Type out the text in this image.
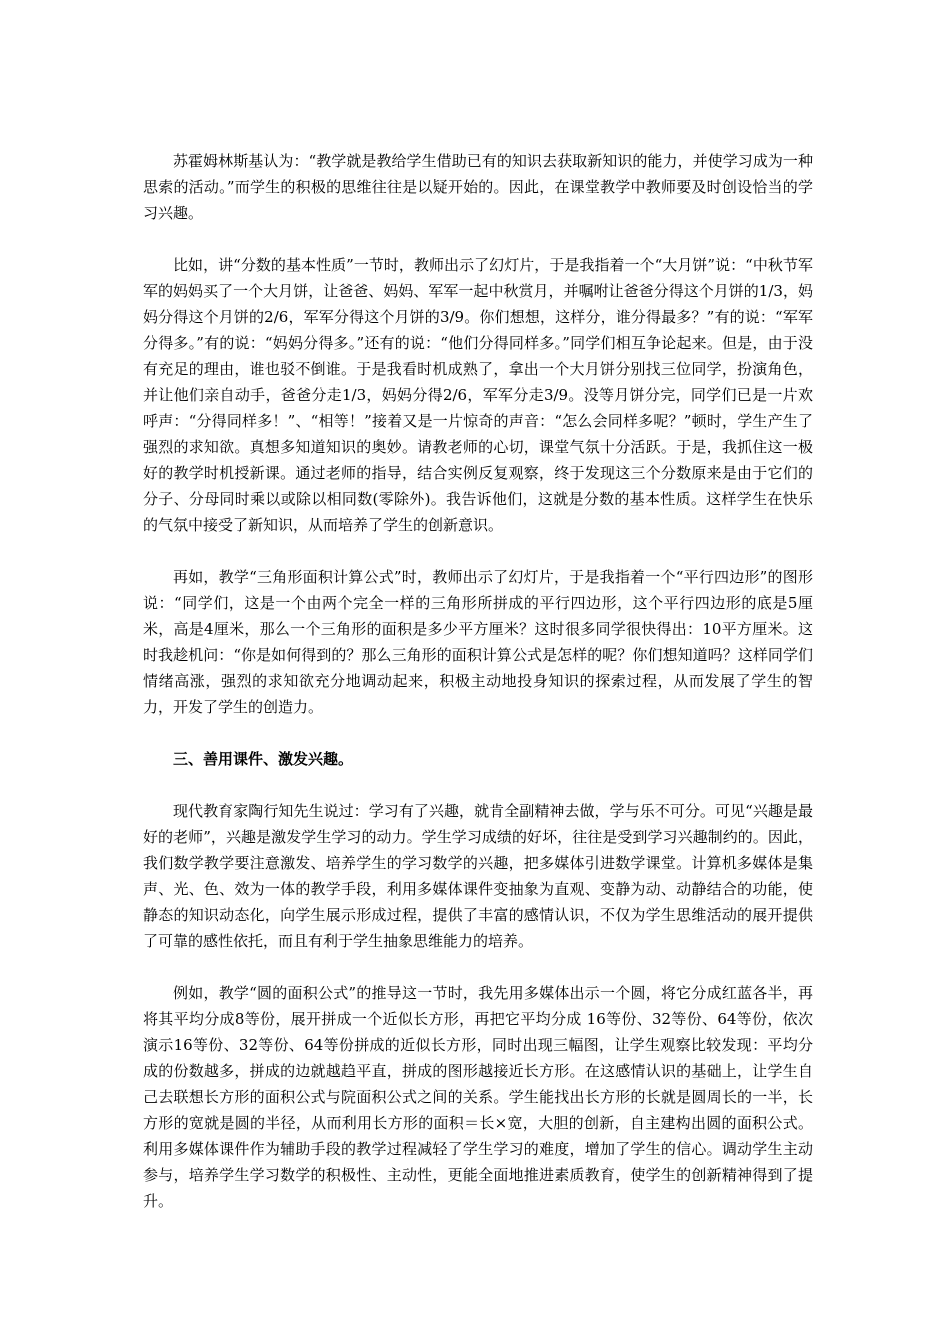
苏霍姆林斯基认为：“教学就是教给学生借助已有的知识去获取新知识的能力，并使学习成为一种思索的活动。”而学生的积极的思维往往是以疑开始的。因此，在课堂教学中教师要及时创设恰当的学习兴趣。

比如，讲“分数的基本性质”一节时，教师出示了幻灯片，于是我指着一个“大月饼”说：“中秋节军军的妈妈买了一个大月饼，让爸爸、妈妈、军军一起中秋赏月，并嘱咐让爸爸分得这个月饼的1/3，妈妈分得这个月饼的2/6，军军分得这个月饼的3/9。你们想想，这样分，谁分得最多？”有的说：“军军分得多。”有的说：“妈妈分得多。”还有的说：“他们分得同样多。”同学们相互争论起来。但是，由于没有充足的理由，谁也驳不倒谁。于是我看时机成熟了，拿出一个大月饼分别找三位同学，扮演角色，并让他们亲自动手，爸爸分走1/3，妈妈分得2/6，军军分走3/9。没等月饼分完，同学们已是一片欢呼声：“分得同样多！”、“相等！”接着又是一片惊奇的声音：“怎么会同样多呢？”顿时，学生产生了强烈的求知欲。真想多知道知识的奥妙。请教老师的心切，课堂气氛十分活跃。于是，我抓住这一极好的教学时机授新课。通过老师的指导，结合实例反复观察，终于发现这三个分数原来是由于它们的分子、分母同时乘以或除以相同数(零除外)。我告诉他们，这就是分数的基本性质。这样学生在快乐的气氛中接受了新知识，从而培养了学生的创新意识。

再如，教学“三角形面积计算公式”时，教师出示了幻灯片，于是我指着一个“平行四边形”的图形说：“同学们，这是一个由两个完全一样的三角形所拼成的平行四边形，这个平行四边形的底是5厘米，高是4厘米，那么一个三角形的面积是多少平方厘米？这时很多同学很快得出：10平方厘米。这时我趁机问：“你是如何得到的？那么三角形的面积计算公式是怎样的呢？你们想知道吗？这样同学们情绪高涨，强烈的求知欲充分地调动起来，积极主动地投身知识的探索过程，从而发展了学生的智力，开发了学生的创造力。

三、善用课件、激发兴趣。

现代教育家陶行知先生说过：学习有了兴趣，就肯全副精神去做，学与乐不可分。可见“兴趣是最好的老师”，兴趣是激发学生学习的动力。学生学习成绩的好坏，往往是受到学习兴趣制约的。因此，我们数学教学要注意激发、培养学生的学习数学的兴趣，把多媒体引进数学课堂。计算机多媒体是集声、光、色、效为一体的教学手段，利用多媒体课件变抽象为直观、变静为动、动静结合的功能，使静态的知识动态化，向学生展示形成过程，提供了丰富的感情认识，不仅为学生思维活动的展开提供了可靠的感性依托，而且有利于学生抽象思维能力的培养。

例如，教学“圆的面积公式”的推导这一节时，我先用多媒体出示一个圆，将它分成红蓝各半，再将其平均分成8等份，展开拼成一个近似长方形，再把它平均分成 16等份、32等份、64等份，依次演示16等份、32等份、64等份拼成的近似长方形，同时出现三幅图，让学生观察比较发现：平均分成的份数越多，拼成的边就越趋平直，拼成的图形越接近长方形。在这感情认识的基础上，让学生自己去联想长方形的面积公式与院面积公式之间的关系。学生能找出长方形的长就是圆周长的一半，长方形的宽就是圆的半径，从而利用长方形的面积＝长×宽，大胆的创新，自主建构出圆的面积公式。利用多媒体课件作为辅助手段的教学过程减轻了学生学习的难度，增加了学生的信心。调动学生主动参与，培养学生学习数学的积极性、主动性，更能全面地推进素质教育，使学生的创新精神得到了提升。
